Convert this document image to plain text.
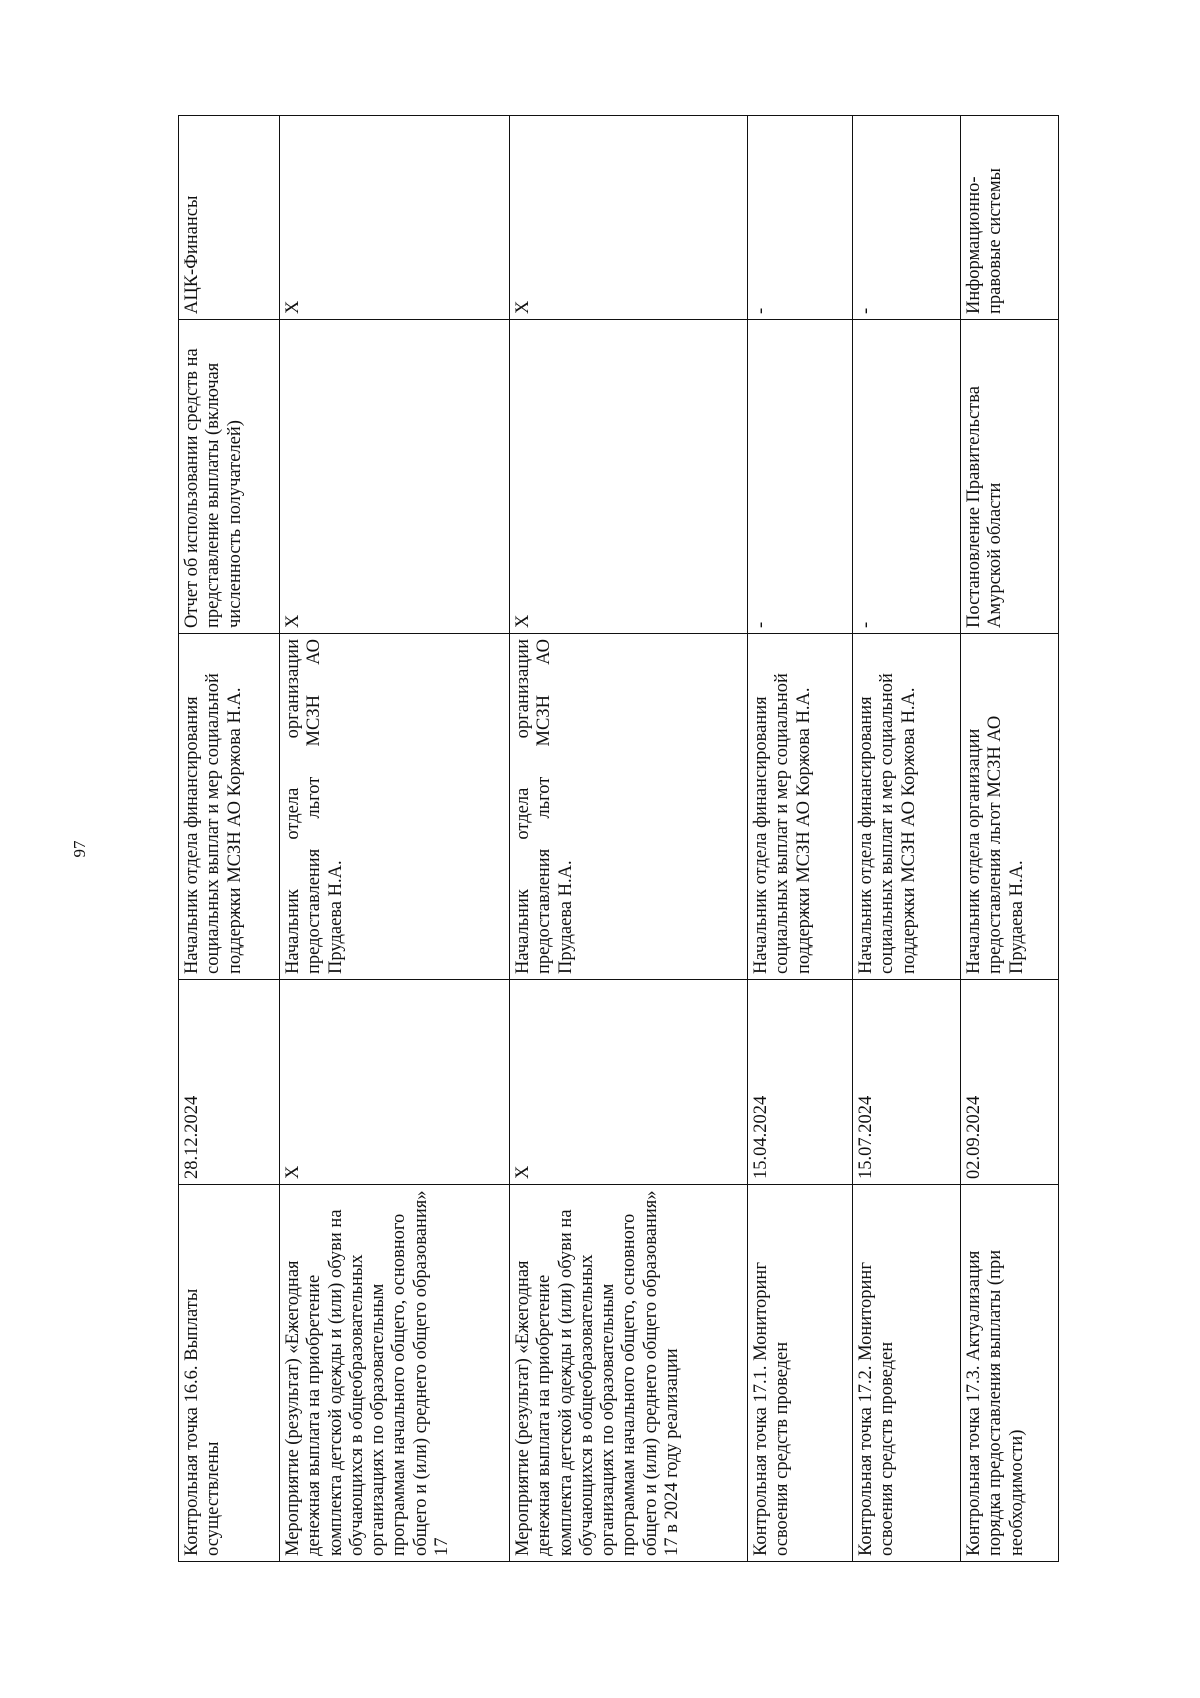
97
Контрольная точка 16.6. Выплаты осуществлены	28.12.2024	Начальник отдела финансирования социальных выплат и мер социальной поддержки МСЗН АО Коржова Н.А.	Отчет об использовании средств на представление выплаты (включая численность получателей)	АЦК-Финансы
Мероприятие (результат) «Ежегодная денежная выплата на приобретение комплекта детской одежды и (или) обуви на обучающихся в общеобразовательных организациях по образовательным программам начального общего, основного общего и (или) среднего общего образования» 17	Х	Начальник отдела организации предоставления льгот МСЗН АО Прудаева Н.А.	Х	Х
Мероприятие (результат) «Ежегодная денежная выплата на приобретение комплекта детской одежды и (или) обуви на обучающихся в общеобразовательных организациях по образовательным программам начального общего, основного общего и (или) среднего общего образования» 17 в 2024 году реализации	Х	Начальник отдела организации предоставления льгот МСЗН АО Прудаева Н.А.	Х	Х
Контрольная точка 17.1. Мониторинг освоения средств проведен	15.04.2024	Начальник отдела финансирования социальных выплат и мер социальной поддержки МСЗН АО Коржова Н.А.	-	-
Контрольная точка 17.2. Мониторинг освоения средств проведен	15.07.2024	Начальник отдела финансирования социальных выплат и мер социальной поддержки МСЗН АО Коржова Н.А.	-	-
Контрольная точка 17.3. Актуализация порядка предоставления выплаты (при необходимости)	02.09.2024	Начальник отдела организации предоставления льгот МСЗН АО Прудаева Н.А.	Постановление Правительства Амурской области	Информационно-правовые системы
